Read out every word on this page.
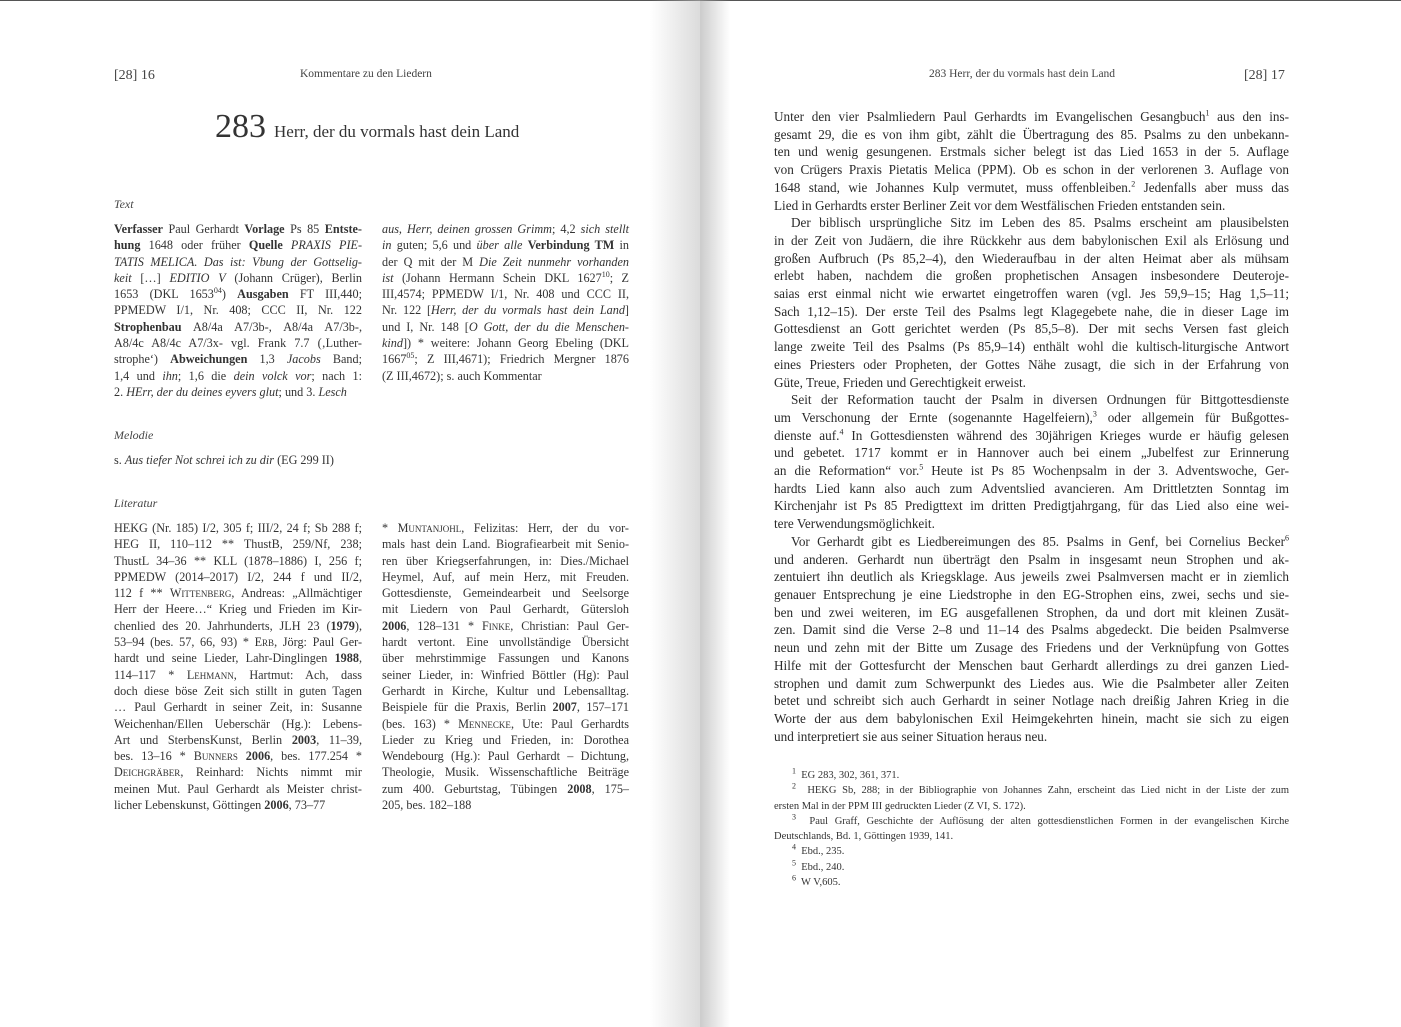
[28] 16	Kommentare zu den Liedern
283 Herr, der du vormals hast dein Land
Text
Verfasser Paul Gerhardt Vorlage Ps 85 Entste-
hung 1648 oder früher Quelle PRAXIS PIE-
TATIS MELICA. Das ist: Vbung der Gottselig-
keit […] EDITIO V (Johann Crüger), Berlin
1653 (DKL 1653$^{04}$) Ausgaben FT III,440;
PPMEDW I/1, Nr. 408; CCC II, Nr. 122
Strophenbau A8/4a A7/3b-, A8/4a A7/3b-,
A8/4c A8/4c A7/3x- vgl. Frank 7.7 (‚Luther-
strophe‘) Abweichungen 1,3 Jacobs Band;
1,4 und ihn; 1,6 die dein volck vor; nach 1:
2. HErr, der du deines eyvers glut; und 3. Lesch
aus, Herr, deinen grossen Grimm; 4,2 sich stellt
in guten; 5,6 und über alle Verbindung TM in
der Q mit der M Die Zeit nunmehr vorhanden
ist (Johann Hermann Schein DKL 1627$^{10}$; Z
III,4574; PPMEDW I/1, Nr. 408 und CCC II,
Nr. 122 [Herr, der du vormals hast dein Land]
und I, Nr. 148 [O Gott, der du die Menschen-
kind]) * weitere: Johann Georg Ebeling (DKL
1667$^{05}$; Z III,4671); Friedrich Mergner 1876
(Z III,4672); s. auch Kommentar
Melodie
s. Aus tiefer Not schrei ich zu dir (EG 299 II)
Literatur
HEKG (Nr. 185) I/2, 305 f; III/2, 24 f; Sb 288 f;
HEG II, 110–112 ** ThustB, 259/Nf, 238;
ThustL 34–36 ** KLL (1878–1886) I, 256 f;
PPMEDW (2014–2017) I/2, 244 f und II/2,
112 f ** Wittenberg, Andreas: „Allmächtiger
Herr der Heere…“ Krieg und Frieden im Kir-
chenlied des 20. Jahrhunderts, JLH 23 (1979),
53–94 (bes. 57, 66, 93) * Erb, Jörg: Paul Ger-
hardt und seine Lieder, Lahr-Dinglingen 1988,
114–117 * Lehmann, Hartmut: Ach, dass
doch diese böse Zeit sich stillt in guten Tagen
… Paul Gerhardt in seiner Zeit, in: Susanne
Weichenhan/Ellen Ueberschär (Hg.): Lebens-
Art und SterbensKunst, Berlin 2003, 11–39,
bes. 13–16 * Bunners 2006, bes. 177.254 *
Deichgräber, Reinhard: Nichts nimmt mir
meinen Mut. Paul Gerhardt als Meister christ-
licher Lebenskunst, Göttingen 2006, 73–77
* Muntanjohl, Felizitas: Herr, der du vor-
mals hast dein Land. Biografiearbeit mit Senio-
ren über Kriegserfahrungen, in: Dies./Michael
Heymel, Auf, auf mein Herz, mit Freuden.
Gottesdienste, Gemeindearbeit und Seelsorge
mit Liedern von Paul Gerhardt, Gütersloh
2006, 128–131 * Finke, Christian: Paul Ger-
hardt vertont. Eine unvollständige Übersicht
über mehrstimmige Fassungen und Kanons
seiner Lieder, in: Winfried Böttler (Hg): Paul
Gerhardt in Kirche, Kultur und Lebensalltag.
Beispiele für die Praxis, Berlin 2007, 157–171
(bes. 163) * Mennecke, Ute: Paul Gerhardts
Lieder zu Krieg und Frieden, in: Dorothea
Wendebourg (Hg.): Paul Gerhardt – Dichtung,
Theologie, Musik. Wissenschaftliche Beiträge
zum 400. Geburtstag, Tübingen 2008, 175–
205, bes. 182–188
283 Herr, der du vormals hast dein Land	[28] 17
Unter den vier Psalmliedern Paul Gerhardts im Evangelischen Gesangbuch$^1$ aus den ins-
gesamt 29, die es von ihm gibt, zählt die Übertragung des 85. Psalms zu den unbekann-
ten und wenig gesungenen. Erstmals sicher belegt ist das Lied 1653 in der 5. Auflage
von Crügers Praxis Pietatis Melica (PPM). Ob es schon in der verlorenen 3. Auflage von
1648 stand, wie Johannes Kulp vermutet, muss offenbleiben.$^2$ Jedenfalls aber muss das
Lied in Gerhardts erster Berliner Zeit vor dem Westfälischen Frieden entstanden sein.
Der biblisch ursprüngliche Sitz im Leben des 85. Psalms erscheint am plausibelsten
in der Zeit von Judäern, die ihre Rückkehr aus dem babylonischen Exil als Erlösung und
großen Aufbruch (Ps 85,2–4), den Wiederaufbau in der alten Heimat aber als mühsam
erlebt haben, nachdem die großen prophetischen Ansagen insbesondere Deuteroje-
saias erst einmal nicht wie erwartet eingetroffen waren (vgl. Jes 59,9–15; Hag 1,5–11;
Sach 1,12–15). Der erste Teil des Psalms legt Klagegebete nahe, die in dieser Lage im
Gottesdienst an Gott gerichtet werden (Ps 85,5–8). Der mit sechs Versen fast gleich
lange zweite Teil des Psalms (Ps 85,9–14) enthält wohl die kultisch-liturgische Antwort
eines Priesters oder Propheten, der Gottes Nähe zusagt, die sich in der Erfahrung von
Güte, Treue, Frieden und Gerechtigkeit erweist.
Seit der Reformation taucht der Psalm in diversen Ordnungen für Bittgottesdienste
um Verschonung der Ernte (sogenannte Hagelfeiern),$^3$ oder allgemein für Bußgottes-
dienste auf.$^4$ In Gottesdiensten während des 30jährigen Krieges wurde er häufig gelesen
und gebetet. 1717 kommt er in Hannover auch bei einem „Jubelfest zur Erinnerung
an die Reformation“ vor.$^5$ Heute ist Ps 85 Wochenpsalm in der 3. Adventswoche, Ger-
hardts Lied kann also auch zum Adventslied avancieren. Am Drittletzten Sonntag im
Kirchenjahr ist Ps 85 Predigttext im dritten Predigtjahrgang, für das Lied also eine wei-
tere Verwendungsmöglichkeit.
Vor Gerhardt gibt es Liedbereimungen des 85. Psalms in Genf, bei Cornelius Becker$^6$
und anderen. Gerhardt nun überträgt den Psalm in insgesamt neun Strophen und ak-
zentuiert ihn deutlich als Kriegsklage. Aus jeweils zwei Psalmversen macht er in ziemlich
genauer Entsprechung je eine Liedstrophe in den EG-Strophen eins, zwei, sechs und sie-
ben und zwei weiteren, im EG ausgefallenen Strophen, da und dort mit kleinen Zusät-
zen. Damit sind die Verse 2–8 und 11–14 des Psalms abgedeckt. Die beiden Psalmverse
neun und zehn mit der Bitte um Zusage des Friedens und der Verknüpfung von Gottes
Hilfe mit der Gottesfurcht der Menschen baut Gerhardt allerdings zu drei ganzen Lied-
strophen und damit zum Schwerpunkt des Liedes aus. Wie die Psalmbeter aller Zeiten
betet und schreibt sich auch Gerhardt in seiner Notlage nach dreißig Jahren Krieg in die
Worte der aus dem babylonischen Exil Heimgekehrten hinein, macht sie sich zu eigen
und interpretiert sie aus seiner Situation heraus neu.
$^1$  EG 283, 302, 361, 371.
$^2$  HEKG Sb, 288; in der Bibliographie von Johannes Zahn, erscheint das Lied nicht in der Liste der zum
ersten Mal in der PPM III gedruckten Lieder (Z VI, S. 172).
$^3$  Paul Graff, Geschichte der Auflösung der alten gottesdienstlichen Formen in der evangelischen Kirche
Deutschlands, Bd. 1, Göttingen 1939, 141.
$^4$  Ebd., 235.
$^5$  Ebd., 240.
$^6$  W V,605.
